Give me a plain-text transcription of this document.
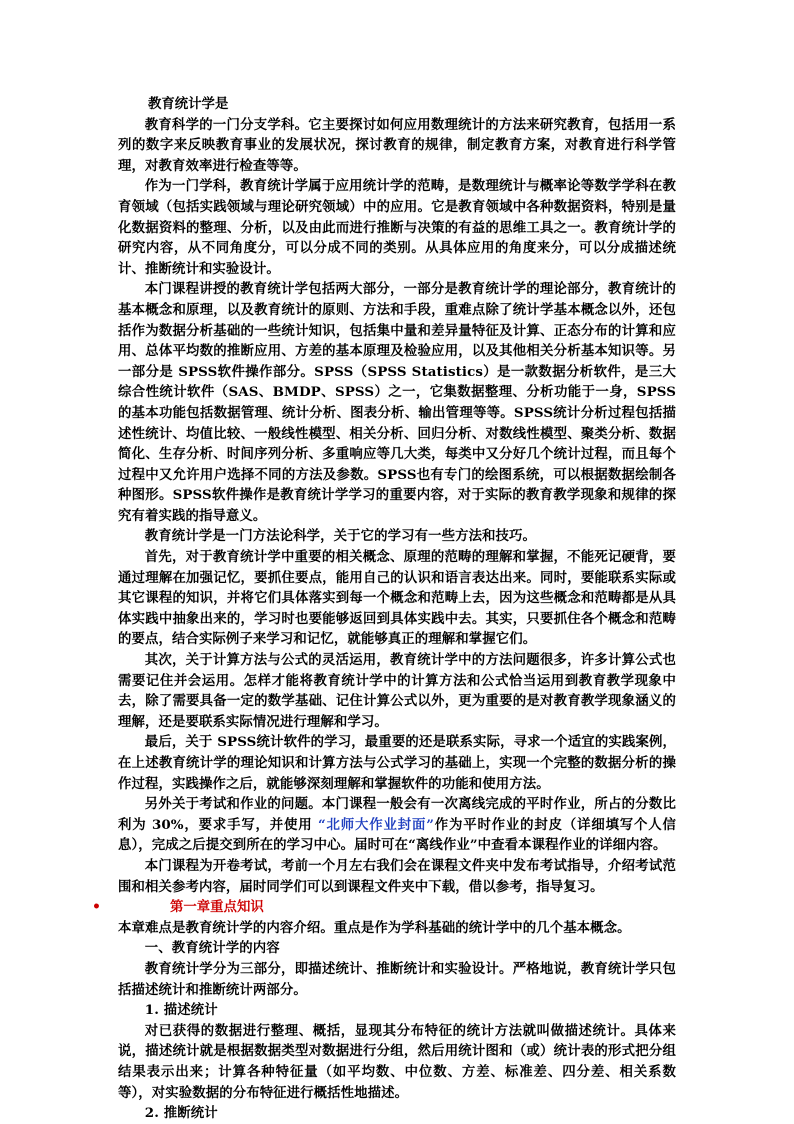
教育统计学是

教育科学的一门分支学科。它主要探讨如何应用数理统计的方法来研究教育，包括用一系列的数字来反映教育事业的发展状况，探讨教育的规律，制定教育方案，对教育进行科学管理，对教育效率进行检查等等。

作为一门学科，教育统计学属于应用统计学的范畴，是数理统计与概率论等数学学科在教育领域（包括实践领域与理论研究领域）中的应用。它是教育领域中各种数据资料，特别是量化数据资料的整理、分析，以及由此而进行推断与决策的有益的思维工具之一。教育统计学的研究内容，从不同角度分，可以分成不同的类别。从具体应用的角度来分，可以分成描述统计、推断统计和实验设计。

本门课程讲授的教育统计学包括两大部分，一部分是教育统计学的理论部分，教育统计的基本概念和原理，以及教育统计的原则、方法和手段，重难点除了统计学基本概念以外，还包括作为数据分析基础的一些统计知识，包括集中量和差异量特征及计算、正态分布的计算和应用、总体平均数的推断应用、方差的基本原理及检验应用，以及其他相关分析基本知识等。另一部分是 SPSS软件操作部分。SPSS（SPSS Statistics）是一款数据分析软件，是三大综合性统计软件（SAS、BMDP、SPSS）之一，它集数据整理、分析功能于一身，SPSS的基本功能包括数据管理、统计分析、图表分析、输出管理等等。SPSS统计分析过程包括描述性统计、均值比较、一般线性模型、相关分析、回归分析、对数线性模型、聚类分析、数据简化、生存分析、时间序列分析、多重响应等几大类，每类中又分好几个统计过程，而且每个过程中又允许用户选择不同的方法及参数。SPSS也有专门的绘图系统，可以根据数据绘制各种图形。SPSS软件操作是教育统计学学习的重要内容，对于实际的教育教学现象和规律的探究有着实践的指导意义。

教育统计学是一门方法论科学，关于它的学习有一些方法和技巧。

首先，对于教育统计学中重要的相关概念、原理的范畴的理解和掌握，不能死记硬背，要通过理解在加强记忆，要抓住要点，能用自己的认识和语言表达出来。同时，要能联系实际或其它课程的知识，并将它们具体落实到每一个概念和范畴上去，因为这些概念和范畴都是从具体实践中抽象出来的，学习时也要能够返回到具体实践中去。其实，只要抓住各个概念和范畴的要点，结合实际例子来学习和记忆，就能够真正的理解和掌握它们。

其次，关于计算方法与公式的灵活运用，教育统计学中的方法问题很多，许多计算公式也需要记住并会运用。怎样才能将教育统计学中的计算方法和公式恰当运用到教育教学现象中去，除了需要具备一定的数学基础、记住计算公式以外，更为重要的是对教育教学现象涵义的理解，还是要联系实际情况进行理解和学习。

最后，关于 SPSS统计软件的学习，最重要的还是联系实际，寻求一个适宜的实践案例，在上述教育统计学的理论知识和计算方法与公式学习的基础上，实现一个完整的数据分析的操作过程，实践操作之后，就能够深刻理解和掌握软件的功能和使用方法。

另外关于考试和作业的问题。本门课程一般会有一次离线完成的平时作业，所占的分数比利为 30%，要求手写，并使用 “北师大作业封面”作为平时作业的封皮（详细填写个人信息），完成之后提交到所在的学习中心。届时可在“离线作业”中查看本课程作业的详细内容。

本门课程为开卷考试，考前一个月左右我们会在课程文件夹中发布考试指导，介绍考试范围和相关参考内容，届时同学们可以到课程文件夹中下载，借以参考，指导复习。

•	第一章重点知识

本章难点是教育统计学的内容介绍。重点是作为学科基础的统计学中的几个基本概念。

一、教育统计学的内容

教育统计学分为三部分，即描述统计、推断统计和实验设计。严格地说，教育统计学只包括描述统计和推断统计两部分。

1. 描述统计

对已获得的数据进行整理、概括，显现其分布特征的统计方法就叫做描述统计。具体来说，描述统计就是根据数据类型对数据进行分组，然后用统计图和（或）统计表的形式把分组结果表示出来；计算各种特征量（如平均数、中位数、方差、标准差、四分差、相关系数等），对实验数据的分布特征进行概括性地描述。

2. 推断统计
